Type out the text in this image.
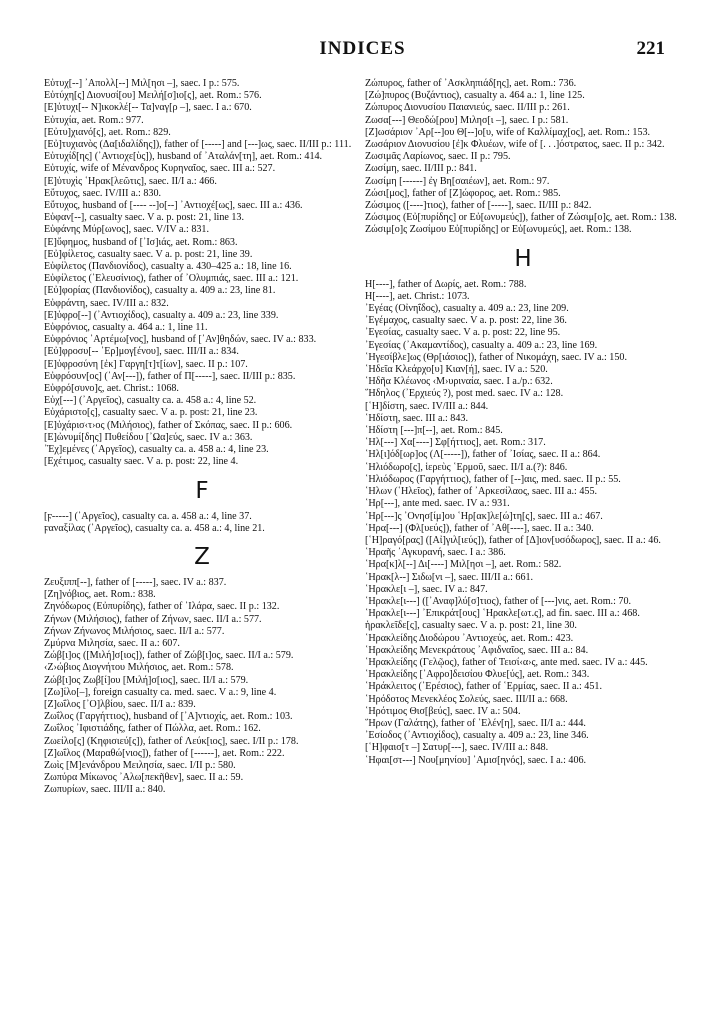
INDICES	221
Εὐτυχ[--] ᾿Απολλ[--] Μιλ[ησι –], saec. I p.: 575.
Εὐτύχη[ς] Διονυσί[ου] Μειλή[σ]ιο[ς], aet. Rom.: 576.
[Ε]ὐτυχι[-- Ν]ικοκλέ[-- Τα]ναγ[ρ –], saec. I a.: 670.
Εὐτυχία, aet. Rom.: 977.
[Εὐτυ]χιανό[ς], aet. Rom.: 829.
[Εὐ]τυχιανὸς (Δα[ιδαλίδης]), father of [-----] and [---]ως, saec. II/III p.: 111.
Εὐτυχίδ[ης] (᾿Αντιοχε[ὺς]), husband of ᾿Αταλάν[τη], aet. Rom.: 414.
Εὐτυχίς, wife of Μένανδρος Κυρηναῖος, saec. III a.: 527.
[Ε]ὐτυχὶς ῾Ηρακ[λεῶτις], saec. II/I a.: 466.
Εὔτυχος, saec. IV/III a.: 830.
Εὔτυχος, husband of [---- --]ο[--] ᾿Αντιοχέ[ως], saec. III a.: 436.
Εὐφαν[--], casualty saec. V a. p. post: 21, line 13.
Εὐφάνης Μύρ[ωνος], saec. V/IV a.: 831.
[Ε]ὔφημος, husband of [᾿Ισ]ιάς, aet. Rom.: 863.
[Εὐ]φίλετος, casualty saec. V a. p. post: 21, line 39.
Εὐφίλετος (Πανδιονίδος), casualty a. 430–425 a.: 18, line 16.
Εὐφίλετος (᾿Ελευσίνιος), father of ᾿Ολυμπιάς, saec. III a.: 121.
[Εὐ]φορίας (Πανδιονίδος), casualty a. 409 a.: 23, line 81.
Εὐφράντη, saec. IV/III a.: 832.
[Ε]ὐφρο[--] (᾿Αντιοχίδος), casualty a. 409 a.: 23, line 339.
Εὐφρόνιος, casualty a. 464 a.: 1, line 11.
Εὐφρόνιος ᾿Αρτέμω[νος], husband of [᾿Αν]θηδών, saec. IV a.: 833.
[Εὐ]φροσυ[-- ᾿Ερ]μογ[ένου], saec. III/II a.: 834.
[Ε]ὐφροσύνη [ἐκ] Γαργη[τ]τ[ίων], saec. II p.: 107.
Εὐφρόσυν[ος] (᾿Αν[---]), father of Π[-----], saec. II/III p.: 835.
Εὐφρό[συνο]ς, aet. Christ.: 1068.
Εὐχ[---] (᾿Αργεῖος), casualty ca. a. 458 a.: 4, line 52.
Εὐχάριστο[ς], casualty saec. V a. p. post: 21, line 23.
[Ε]ὐχάρισ‹τ›ος (Μιλήσιος), father of Σκόπας, saec. II p.: 606.
[Ε]ὠνυμί[δης] Πυθείδου [᾿Ωα]εύς, saec. IV a.: 363.
᾿Έχ]εμένες (᾿Αργεῖος), casualty ca. a. 458 a.: 4, line 23.
[Εχέτιμος, casualty saec. V a. p. post: 22, line 4.
F
[ϝ-----] (᾿Αργεῖος), casualty ca. a. 458 a.: 4, line 37.
ϝαναξίλας (᾿Αργεῖος), casualty ca. a. 458 a.: 4, line 21.
Z
Ζευξιππ[--], father of [-----], saec. IV a.: 837.
[Ζη]νόβιος, aet. Rom.: 838.
Ζηνόδωρος (Εὐπυρίδης), father of ᾿Ιλάρα, saec. II p.: 132.
Ζήνων (Μιλήσιος), father of Ζήνων, saec. II/I a.: 577.
Ζήνων Ζήνωνος Μιλήσιος, saec. II/I a.: 577.
Ζμύρνα Μιλησία, saec. II a.: 607.
Ζώβ[ι]ος ([Μιλή]σ[ιος]), father of Ζώβ[ι]ος, saec. II/I a.: 579.
‹Ζ›ώβιος Διογνήτου Μιλήσιος, aet. Rom.: 578.
Ζώβ[ι]ος Ζωβ[ί]ου [Μιλή]σ[ιος], saec. II/I a.: 579.
[Ζω]ίλο[–], foreign casualty ca. med. saec. V a.: 9, line 4.
[Ζ]ωΐλος [᾿Ο]λβίου, saec. II/I a.: 839.
Ζωΐλος (Γαργήττιος), husband of [᾿Α]ντιοχίς, aet. Rom.: 103.
Ζωΐλος ᾿Ιφιστιάδης, father of Πώλλα, aet. Rom.: 162.
Ζωείλο[ς] (Κηφισιεύ[ς]), father of Λεύκ[ιος], saec. I/II p.: 178.
[Ζ]ωΐλος (Μαραθώ[νιος]), father of [------], aet. Rom.: 222.
Ζωὶς [Μ]ενάνδρου Μειλησία, saec. I/II p.: 580.
Ζωπύρα Μίκωνος ᾿Αλω[πεκῆθεν], saec. II a.: 59.
Ζωπυρίων, saec. III/II a.: 840.
Ζώπυρος, father of ᾿Ασκληπιάδ[ης], aet. Rom.: 736.
[Ζώ]πυρος (Βυζάντιος), casualty a. 464 a.: 1, line 125.
Ζώπυρος Διονυσίου Παιανιεύς, saec. II/III p.: 261.
Ζωσα[---] Θεοδώ[ρου] Μιλησ[ι –], saec. I p.: 581.
[Ζ]ωσάριον ᾿Αρ[--]ου Θ[--]ο[υ, wife of Καλλίμαχ[ος], aet. Rom.: 153.
Ζωσάριον Διονυσίου [ἐ]κ Φλυέων, wife of [. . .]όστρατος, saec. II p.: 342.
Ζωσιμᾶς Λαρίωνος, saec. II p.: 795.
Ζωσίμη, saec. II/III p.: 841.
Ζωσίμη [------] ἐγ Βη[σαιέων], aet. Rom.: 97.
Ζώσι[μος], father of [Ζ]ώφορος, aet. Rom.: 985.
Ζώσιμος ([----]τιος), father of [-----], saec. II/III p.: 842.
Ζώσιμος (Εὐ[πυρίδης] or Εὐ[ωνυμεύς]), father of Ζώσιμ[ο]ς, aet. Rom.: 138.
Ζώσιμ[ο]ς Ζωσίμου Εὐ[πυρίδης] or Εὐ[ωνυμεύς], aet. Rom.: 138.
H
Η[----], father of Δωρίς, aet. Rom.: 788.
Η[----], aet. Christ.: 1073.
᾿Εγέας (Οἰνηΐδος), casualty a. 409 a.: 23, line 209.
᾿Εγέμαχος, casualty saec. V a. p. post: 22, line 36.
᾿Εγεσίας, casualty saec. V a. p. post: 22, line 95.
᾿Εγεσίας (᾿Ακαμαντίδος), casualty a. 409 a.: 23, line 169.
῾Ηγεσίβλε]ως (Θρ[ιάσιος]), father of Νικομάχη, saec. IV a.: 150.
῾Ηδεῖα Κλεάρχο[υ] Κιαν[ή], saec. IV a.: 520.
῾Ηδῆα Κλέωνος ‹Μ›υριναία, saec. I a./p.: 632.
῞Ηδηλος (᾿Ερχιεύς ?), post med. saec. IV a.: 128.
[῾Η]δίστη, saec. IV/III a.: 844.
῾Ηδίστη, saec. III a.: 843.
῾Ηδίστη [---]π[--], aet. Rom.: 845.
῾Ηλ[---] Χα[----] Σφ[ήττιος], aet. Rom.: 317.
῾Ηλ[ι]όδ[ωρ]ος (Λ[-----]), father of ᾿Ισίας, saec. II a.: 864.
῾Ηλιόδωρο[ς], ἱερεὺς ῾Ερμοῦ, saec. II/I a.(?): 846.
῾Ηλιόδωρος (Γαργήττιος), father of [--]αις, med. saec. II p.: 55.
῾Ηλων (῾Ηλεῖος), father of ᾿Αρκεσίλαος, saec. III a.: 455.
῾Ηρ[---], ante med. saec. IV a.: 931.
῾Ηρ[---]ς ᾿Ονησ[ίμ]ου ῾Ηρ[ακ]λε[ώ]τη[ς], saec. III a.: 467.
῾Ηρα[---] (Φλ[υεύς]), father of ᾿Αθ[----], saec. II a.: 340.
[῾Η]ραγό[ρας] ([Αἰ]γιλ[ιεύς]), father of [Δ]ιον[υσόδωρος], saec. II a.: 46.
῾Ηραῆς ᾿Αγκυρανή, saec. I a.: 386.
῾Ηρα[κ]λ[--] Δι[----] Μιλ[ησι –], aet. Rom.: 582.
῾Ηρακ[λ--] Σιδω[νι –], saec. III/II a.: 661.
῾Ηρακλε[ι –], saec. IV a.: 847.
῾Ηρακλε[ι---] ([᾿Αναφ]λύ[σ]τιος), father of [---]νις, aet. Rom.: 70.
῾Ηρακλε[ι---] ᾿Επικράτ[ους] ῾Ηρακλε[ωτ.ς], ad fin. saec. III a.: 468.
ἡρακλεῖδε[ς], casualty saec. V a. p. post: 21, line 30.
῾Ηρακλείδης Διοδώρου ᾿Αντιοχεύς, aet. Rom.: 423.
῾Ηρακλείδης Μενεκράτους ᾿Αφιδναῖος, saec. III a.: 84.
῾Ηρακλείδης (Γελῷος), father of Τεισί‹α›ς, ante med. saec. IV a.: 445.
῾Ηρακλείδης [᾿Αφρο]δεισίου Φλυε[ύς], aet. Rom.: 343.
῾Ηράκλειτος (᾿Ερέσιος), father of ῾Ερμίας, saec. II a.: 451.
῾Ηρόδοτος Μενεκλέος Σολεύς, saec. III/II a.: 668.
῾Ηρότιμος Θισ[βεύς], saec. IV a.: 504.
῞Ηρων (Γαλάτης), father of ᾿Ελέν[η], saec. II/I a.: 444.
᾿Εσίοδος (᾿Αντιοχίδος), casualty a. 409 a.: 23, line 346.
[῾Η]φαισ[τ –] Σατυρ[---], saec. IV/III a.: 848.
῾Ηφαι[στ---] Νου[μηνίου] ᾿Αμισ[ηνός], saec. I a.: 406.
